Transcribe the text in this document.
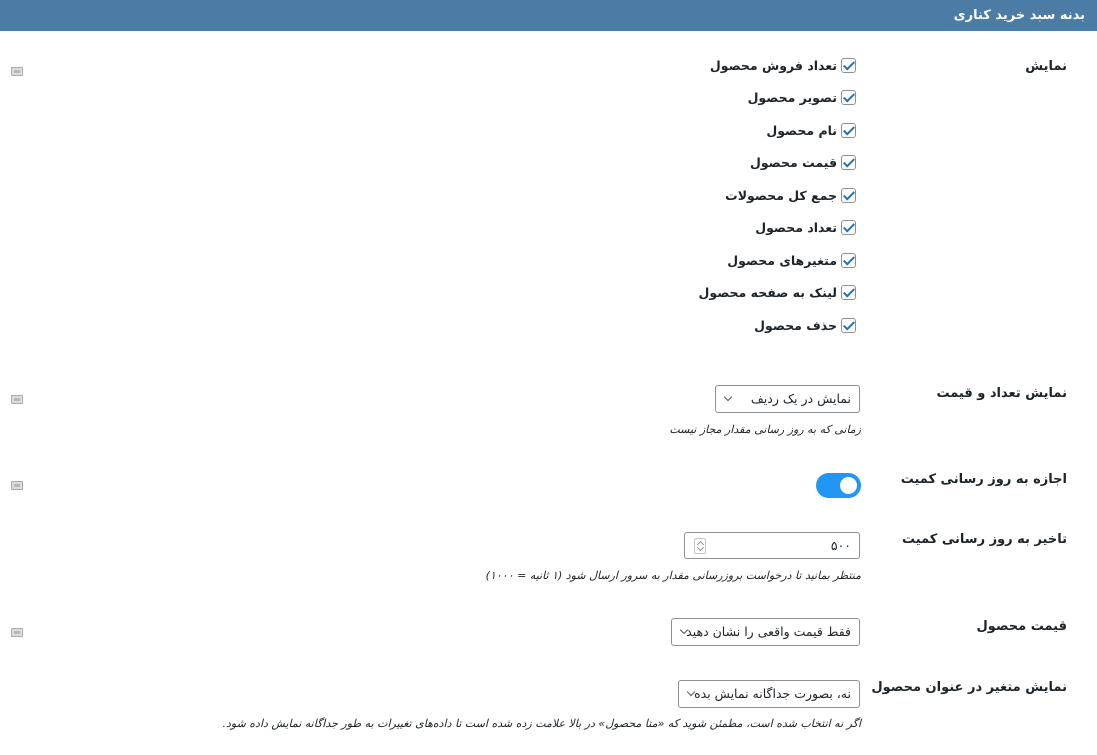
بدنه سبد خرید کناری
نمایش
تعداد فروش محصول
تصویر محصول
نام محصول
قیمت محصول
جمع کل محصولات
تعداد محصول
متغیرهای محصول
لینک به صفحه محصول
حذف محصول
نمایش تعداد و قیمت
نمایش در یک ردیف
زمانی که به روز رسانی مقدار مجاز نیست
اجازه به روز رسانی کمیت
تاخیر به روز رسانی کمیت
۵۰۰
منتظر بمانید تا درخواست بروزرسانی مقدار به سرور ارسال شود (۱ ثانیه = ۱۰۰۰)
قیمت محصول
فقط قیمت واقعی را نشان دهید
نمایش متغیر در عنوان محصول
نه، بصورت جداگانه نمایش بده
اگر نه انتخاب شده است، مطمئن شوید که «متا محصول» در بالا علامت زده شده است تا داده‌های تغییرات به طور جداگانه نمایش داده شود.
